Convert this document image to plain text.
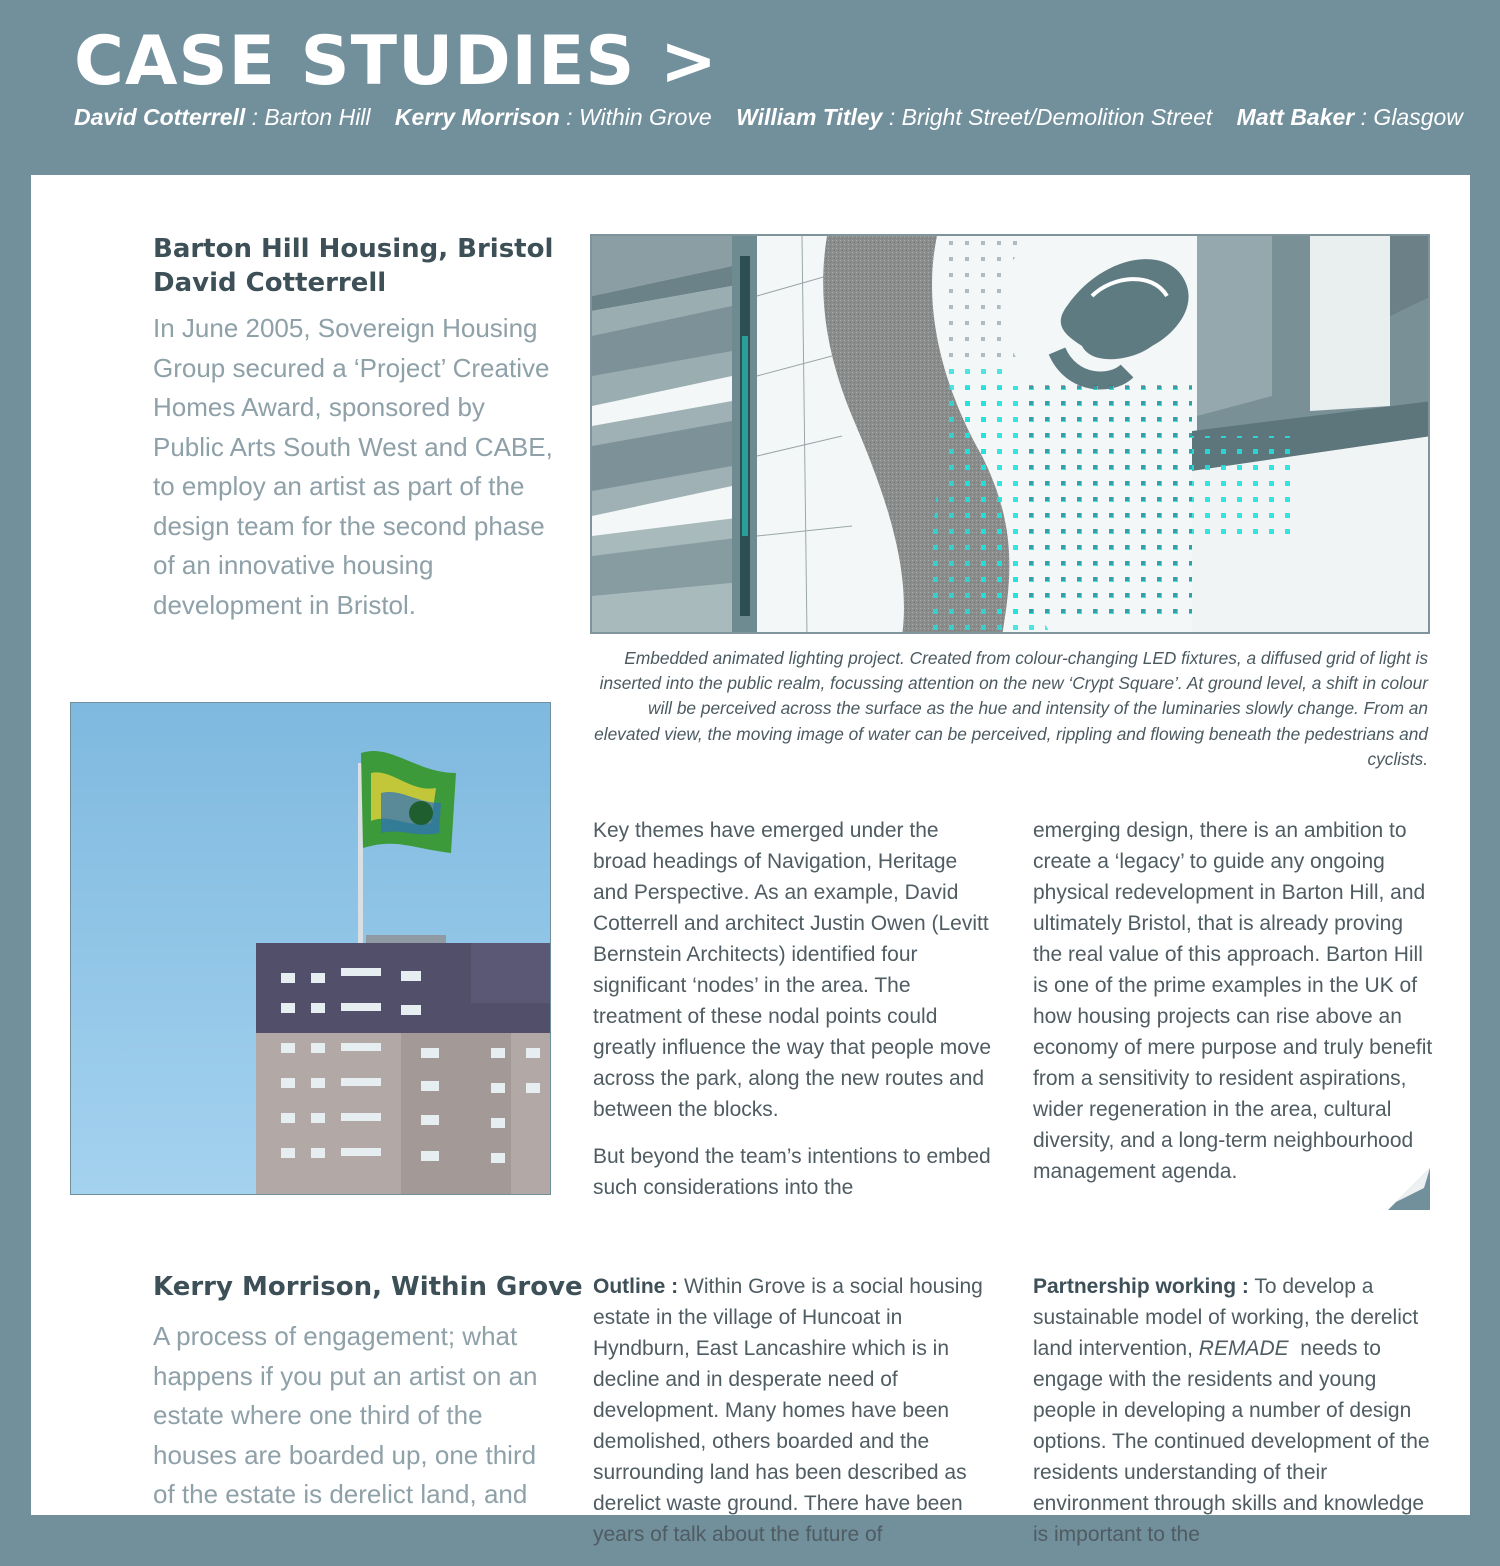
CASE STUDIES >
David Cotterrell : Barton Hill Kerry Morrison : Within Grove William Titley : Bright Street/Demolition Street Matt Baker : Glasgow
Barton Hill Housing, Bristol
David Cotterrell

In June 2005, Sovereign Housing Group secured a ‘Project’ Creative Homes Award, sponsored by Public Arts South West and CABE, to employ an artist as part of the design team for the second phase of an innovative housing development in Bristol.

Embedded animated lighting project. Created from colour-changing LED fixtures, a diffused grid of light is inserted into the public realm, focussing attention on the new ‘Crypt Square’. At ground level, a shift in colour will be perceived across the surface as the hue and intensity of the luminaries slowly change. From an elevated view, the moving image of water can be perceived, rippling and flowing beneath the pedestrians and cyclists.

Key themes have emerged under the broad headings of Navigation, Heritage and Perspective. As an example, David Cotterrell and architect Justin Owen (Levitt Bernstein Architects) identified four significant ‘nodes’ in the area. The treatment of these nodal points could greatly influence the way that people move across the park, along the new routes and between the blocks.

But beyond the team’s intentions to embed such considerations into the

emerging design, there is an ambition to create a ‘legacy’ to guide any ongoing physical redevelopment in Barton Hill, and ultimately Bristol, that is already proving the real value of this approach. Barton Hill is one of the prime examples in the UK of how housing projects can rise above an economy of mere purpose and truly benefit from a sensitivity to resident aspirations, wider regeneration in the area, cultural diversity, and a long-term neighbourhood management agenda.

Kerry Morrison, Within Grove

A process of engagement; what happens if you put an artist on an estate where one third of the houses are boarded up, one third of the estate is derelict land, and

Outline : Within Grove is a social housing estate in the village of Huncoat in Hyndburn, East Lancashire which is in decline and in desperate need of development. Many homes have been demolished, others boarded and the surrounding land has been described as derelict waste ground. There have been years of talk about the future of

Partnership working : To develop a sustainable model of working, the derelict land intervention, REMADE  needs to engage with the residents and young people in developing a number of design options. The continued development of the residents understanding of their environment through skills and knowledge is important to the
